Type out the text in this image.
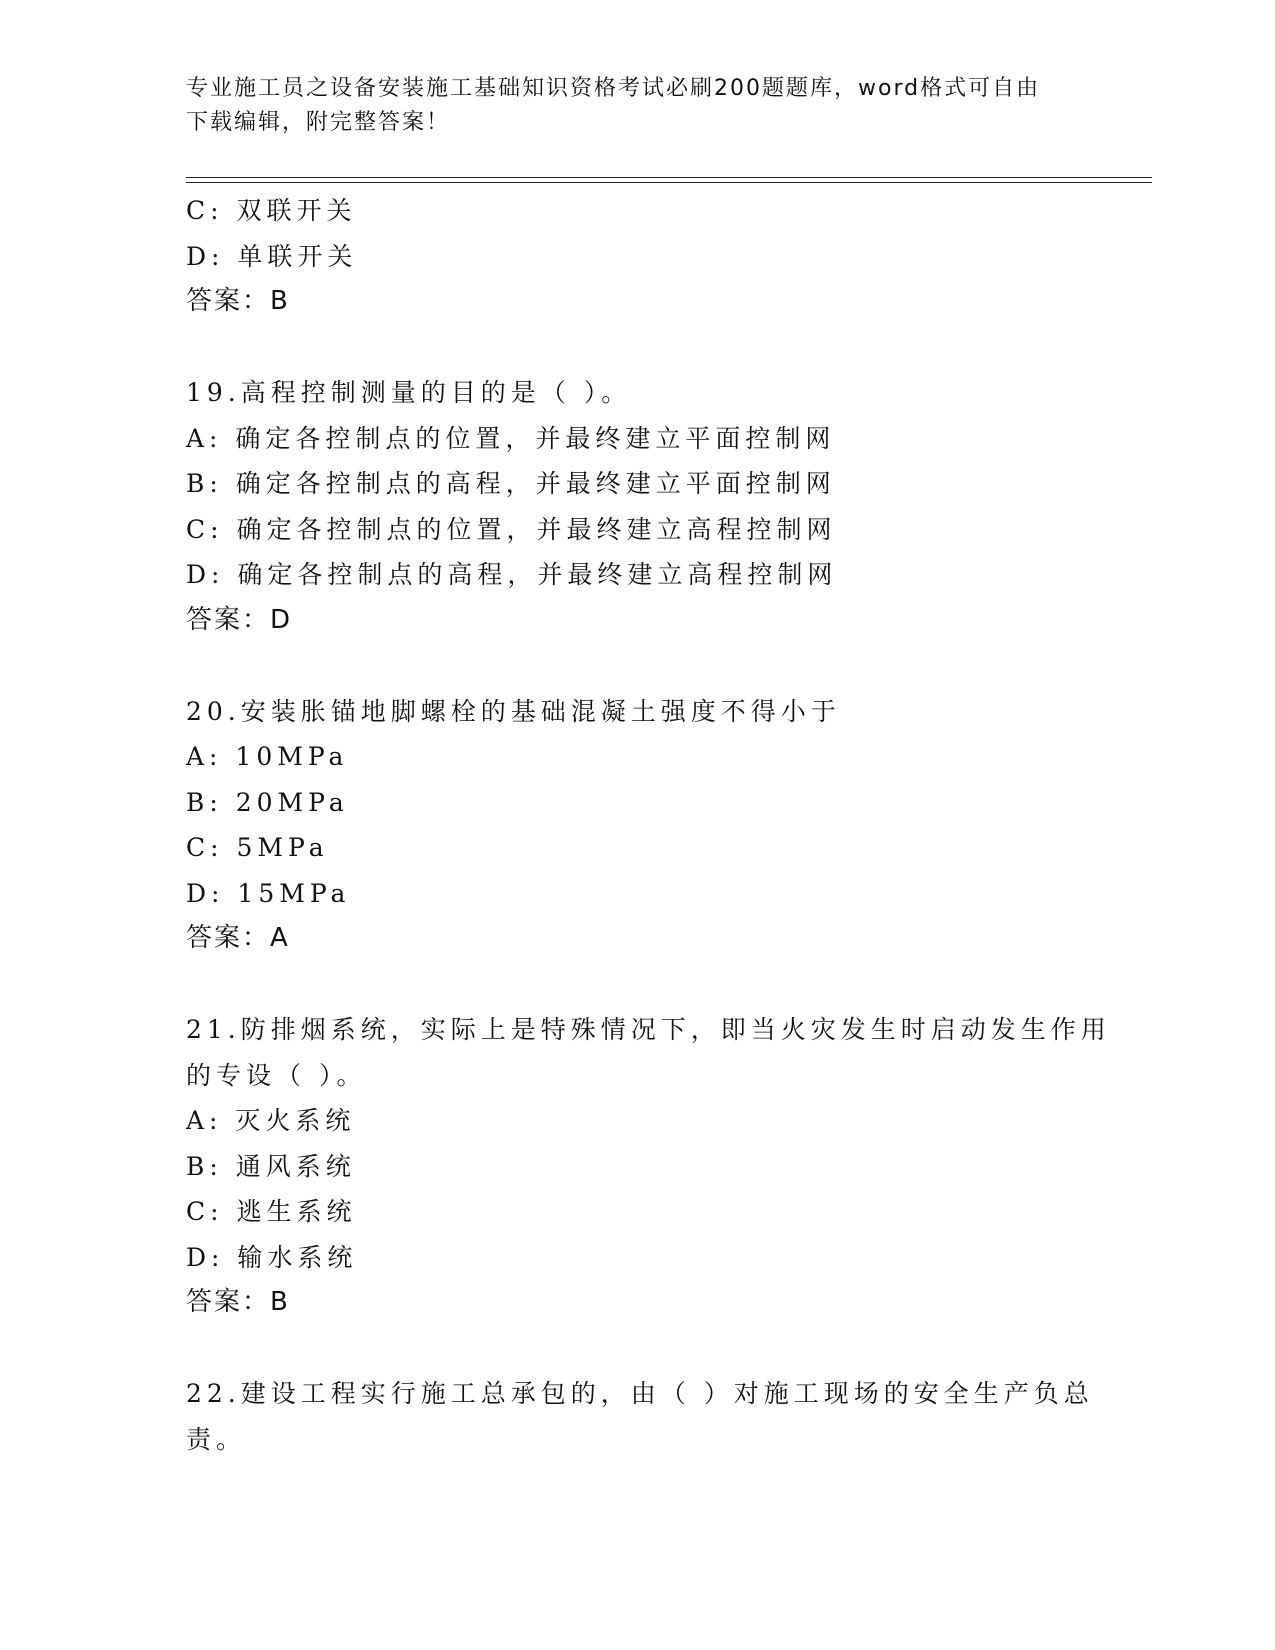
专业施工员之设备安装施工基础知识资格考试必刷200题题库，word格式可自由
下载编辑，附完整答案！
C: 双联开关
D: 单联开关
答案：B
19.高程控制测量的目的是（ ）。
A: 确定各控制点的位置，并最终建立平面控制网
B: 确定各控制点的高程，并最终建立平面控制网
C: 确定各控制点的位置，并最终建立高程控制网
D: 确定各控制点的高程，并最终建立高程控制网
答案：D
20.安装胀锚地脚螺栓的基础混凝土强度不得小于
A: 10MPa
B: 20MPa
C: 5MPa
D: 15MPa
答案：A
21.防排烟系统，实际上是特殊情况下，即当火灾发生时启动发生作用
的专设（ ）。
A: 灭火系统
B: 通风系统
C: 逃生系统
D: 输水系统
答案：B
22.建设工程实行施工总承包的，由（ ）对施工现场的安全生产负总
责。
